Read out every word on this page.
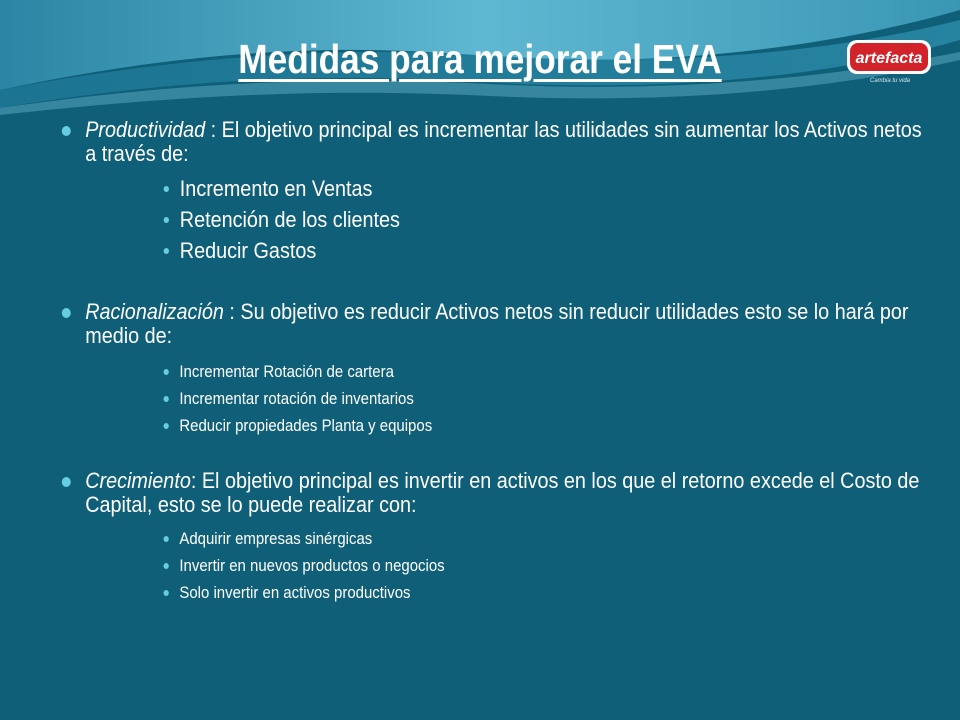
Medidas para mejorar el EVA	artefacta
Cambia tu vida
Productividad : El objetivo principal es incrementar las utilidades sin aumentar los Activos netos a través de:
Incremento en Ventas
Retención de los clientes
Reducir Gastos
Racionalización : Su objetivo es reducir Activos netos sin reducir utilidades esto se lo hará por medio de:
Incrementar Rotación de cartera
Incrementar rotación de inventarios
Reducir propiedades Planta y equipos
Crecimiento: El objetivo principal es invertir en activos en los que el retorno excede el Costo de Capital, esto se lo puede realizar con:
Adquirir empresas sinérgicas
Invertir en nuevos productos o negocios
Solo invertir en activos productivos
